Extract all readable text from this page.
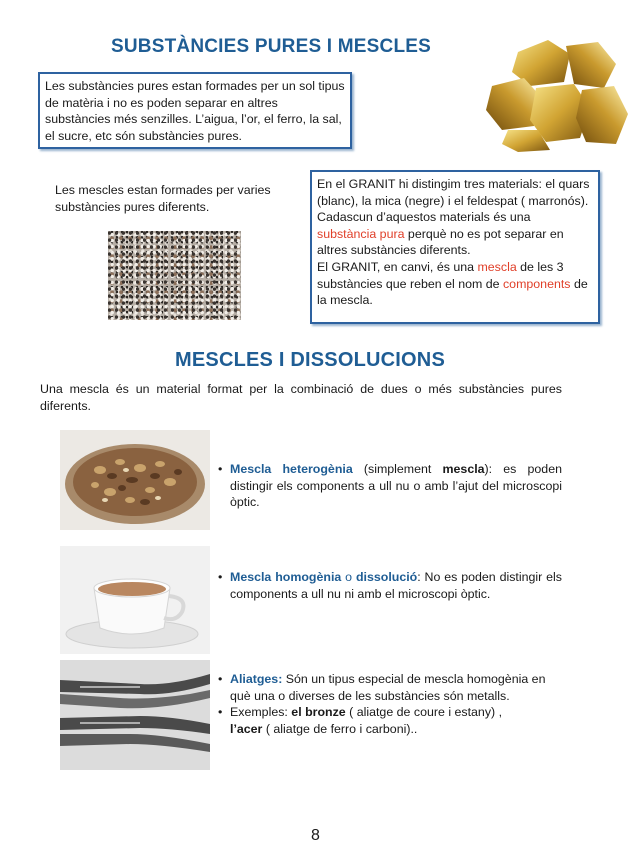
SUBSTÀNCIES PURES I MESCLES
Les substàncies pures estan formades per un sol tipus de matèria i no es poden separar en altres substàncies més senzilles. L’aigua, l’or, el ferro, la sal, el sucre, etc són substàncies pures.
Les mescles estan formades per varies substàncies pures diferents.
En el GRANIT hi distingim tres materials: el quars (blanc), la mica (negre) i el feldespat ( marronós).
Cadascun d’aquestos materials és una substància pura perquè no es pot separar en altres substàncies diferents.
El GRANIT, en canvi, és una mescla de les 3 substàncies que reben el nom de components de la mescla.
MESCLES I DISSOLUCIONS
Una mescla és un material format per la combinació de dues o més substàncies pures diferents.
• Mescla heterogènia (simplement mescla): es poden distingir els components a ull nu o amb l’ajut del microscopi òptic.
• Mescla homogènia o dissolució: No es poden distingir els components a ull nu ni amb el microscopi òptic.
• Aliatges: Són un tipus especial de mescla homogènia en què una o diverses de les substàncies són metalls.
• Exemples: el bronze ( aliatge de coure i estany) ,
l’acer ( aliatge de ferro i carboni)..
8
